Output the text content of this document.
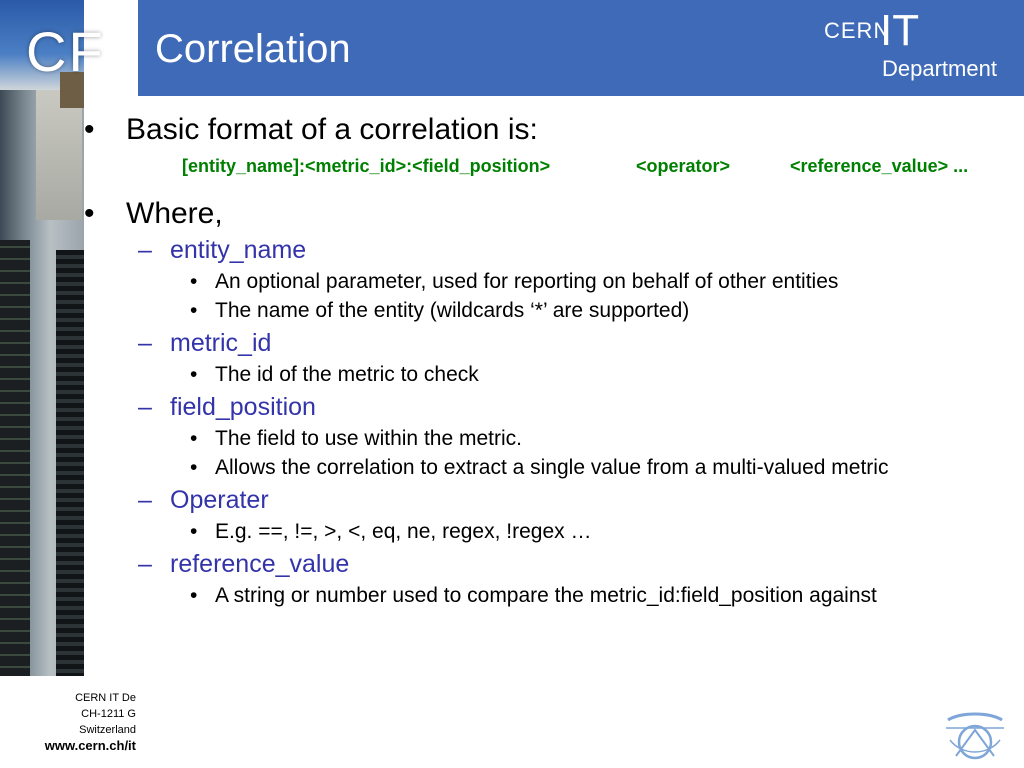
CF	CERN
IT
Department
Correlation
• Basic format of a correlation is:
[entity_name]:<metric_id>:<field_position>	<operator>	<reference_value> ...
• Where,
– entity_name
• An optional parameter, used for reporting on behalf of other entities
• The name of the entity (wildcards ‘*’ are supported)
– metric_id
• The id of the metric to check
– field_position
• The field to use within the metric.
• Allows the correlation to extract a single value from a multi-valued metric
– Operater
• E.g. ==, !=, >, <, eq, ne, regex, !regex …
– reference_value
• A string or number used to compare the metric_id:field_position against
CERN IT De
CH-1211 G
Switzerland
www.cern.ch/it
